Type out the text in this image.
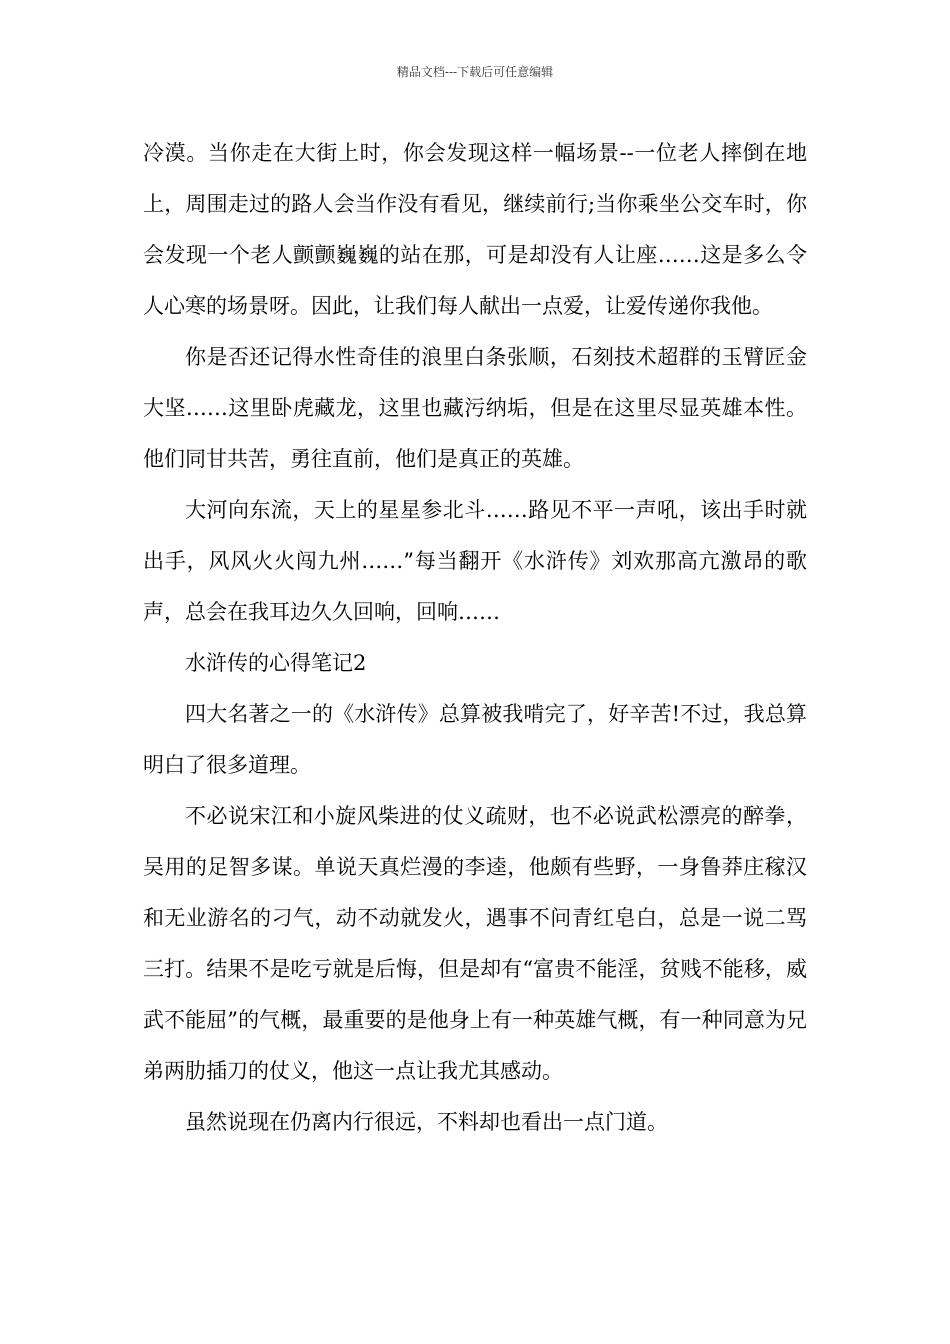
精品文档---下载后可任意编辑

冷漠。当你走在大街上时，你会发现这样一幅场景--一位老人摔倒在地上，周围走过的路人会当作没有看见，继续前行;当你乘坐公交车时，你会发现一个老人颤颤巍巍的站在那，可是却没有人让座……这是多么令人心寒的场景呀。因此，让我们每人献出一点爱，让爱传递你我他。

你是否还记得水性奇佳的浪里白条张顺，石刻技术超群的玉臂匠金大坚……这里卧虎藏龙，这里也藏污纳垢，但是在这里尽显英雄本性。他们同甘共苦，勇往直前，他们是真正的英雄。

大河向东流，天上的星星参北斗……路见不平一声吼，该出手时就出手，风风火火闯九州……”每当翻开《水浒传》刘欢那高亢激昂的歌声，总会在我耳边久久回响，回响……

水浒传的心得笔记2

四大名著之一的《水浒传》总算被我啃完了，好辛苦!不过，我总算明白了很多道理。

不必说宋江和小旋风柴进的仗义疏财，也不必说武松漂亮的醉拳，吴用的足智多谋。单说天真烂漫的李逵，他颇有些野，一身鲁莽庄稼汉和无业游名的刁气，动不动就发火，遇事不问青红皂白，总是一说二骂三打。结果不是吃亏就是后悔，但是却有“富贵不能淫，贫贱不能移，威武不能屈”的气概，最重要的是他身上有一种英雄气概，有一种同意为兄弟两肋插刀的仗义，他这一点让我尤其感动。

虽然说现在仍离内行很远，不料却也看出一点门道。
